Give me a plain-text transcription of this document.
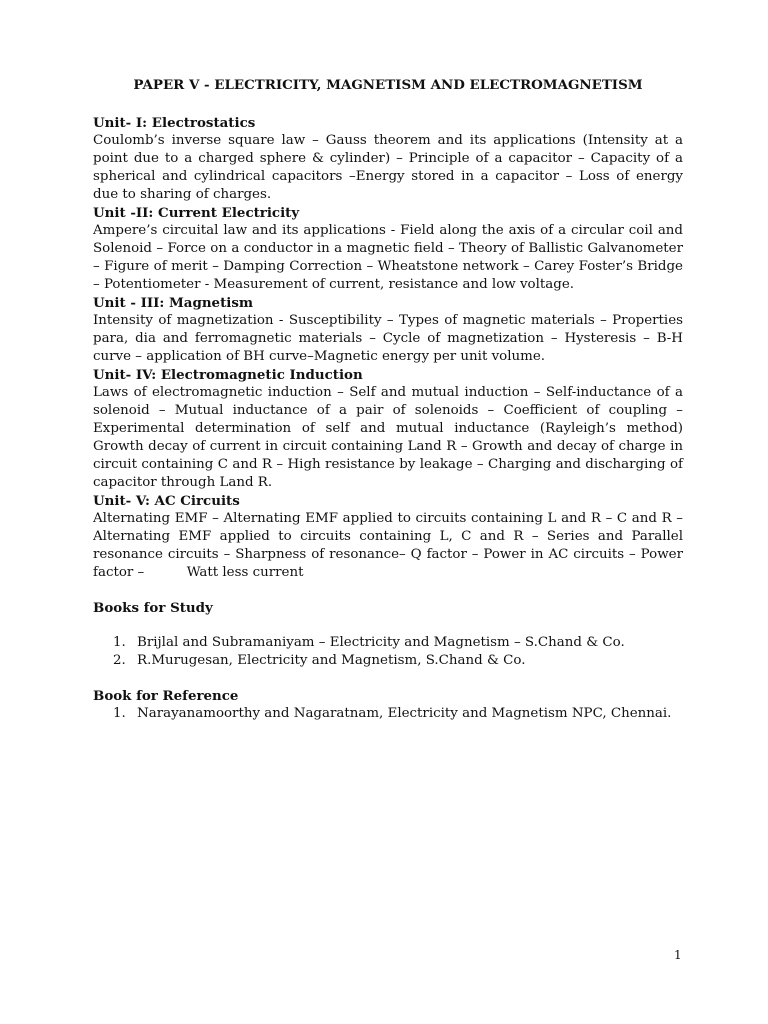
PAPER V - ELECTRICITY, MAGNETISM AND ELECTROMAGNETISM

Unit- I: Electrostatics

Coulomb’s inverse square law – Gauss theorem and its applications (Intensity at a point due to a charged sphere & cylinder) – Principle of a capacitor – Capacity of a spherical and cylindrical capacitors –Energy stored in a capacitor – Loss of energy due to sharing of charges.

Unit -II: Current Electricity

Ampere’s circuital law and its applications - Field along the axis of a circular coil and Solenoid – Force on a conductor in a magnetic field – Theory of Ballistic Galvanometer – Figure of merit – Damping Correction – Wheatstone network – Carey Foster’s Bridge – Potentiometer - Measurement of current, resistance and low voltage.

Unit - III: Magnetism

Intensity of magnetization - Susceptibility – Types of magnetic materials – Properties para, dia and ferromagnetic materials – Cycle of magnetization – Hysteresis – B-H curve – application of BH curve–Magnetic energy per unit volume.

Unit- IV: Electromagnetic Induction

Laws of electromagnetic induction – Self and mutual induction – Self-inductance of a solenoid – Mutual inductance of a pair of solenoids – Coefficient of coupling – Experimental determination of self and mutual inductance (Rayleigh’s method) Growth decay of current in circuit containing Land R – Growth and decay of charge in circuit containing C and R – High resistance by leakage – Charging and discharging of capacitor through Land R.

Unit- V: AC Circuits

Alternating EMF – Alternating EMF applied to circuits containing L and R – C and R – Alternating EMF applied to circuits containing L, C and R – Series and Parallel resonance circuits – Sharpness of resonance– Q factor – Power in AC circuits – Power factor –          Watt less current

Books for Study

1. Brijlal and Subramaniyam – Electricity and Magnetism – S.Chand & Co.
2. R.Murugesan, Electricity and Magnetism, S.Chand & Co.

Book for Reference

1. Narayanamoorthy and Nagaratnam, Electricity and Magnetism NPC, Chennai.
1
